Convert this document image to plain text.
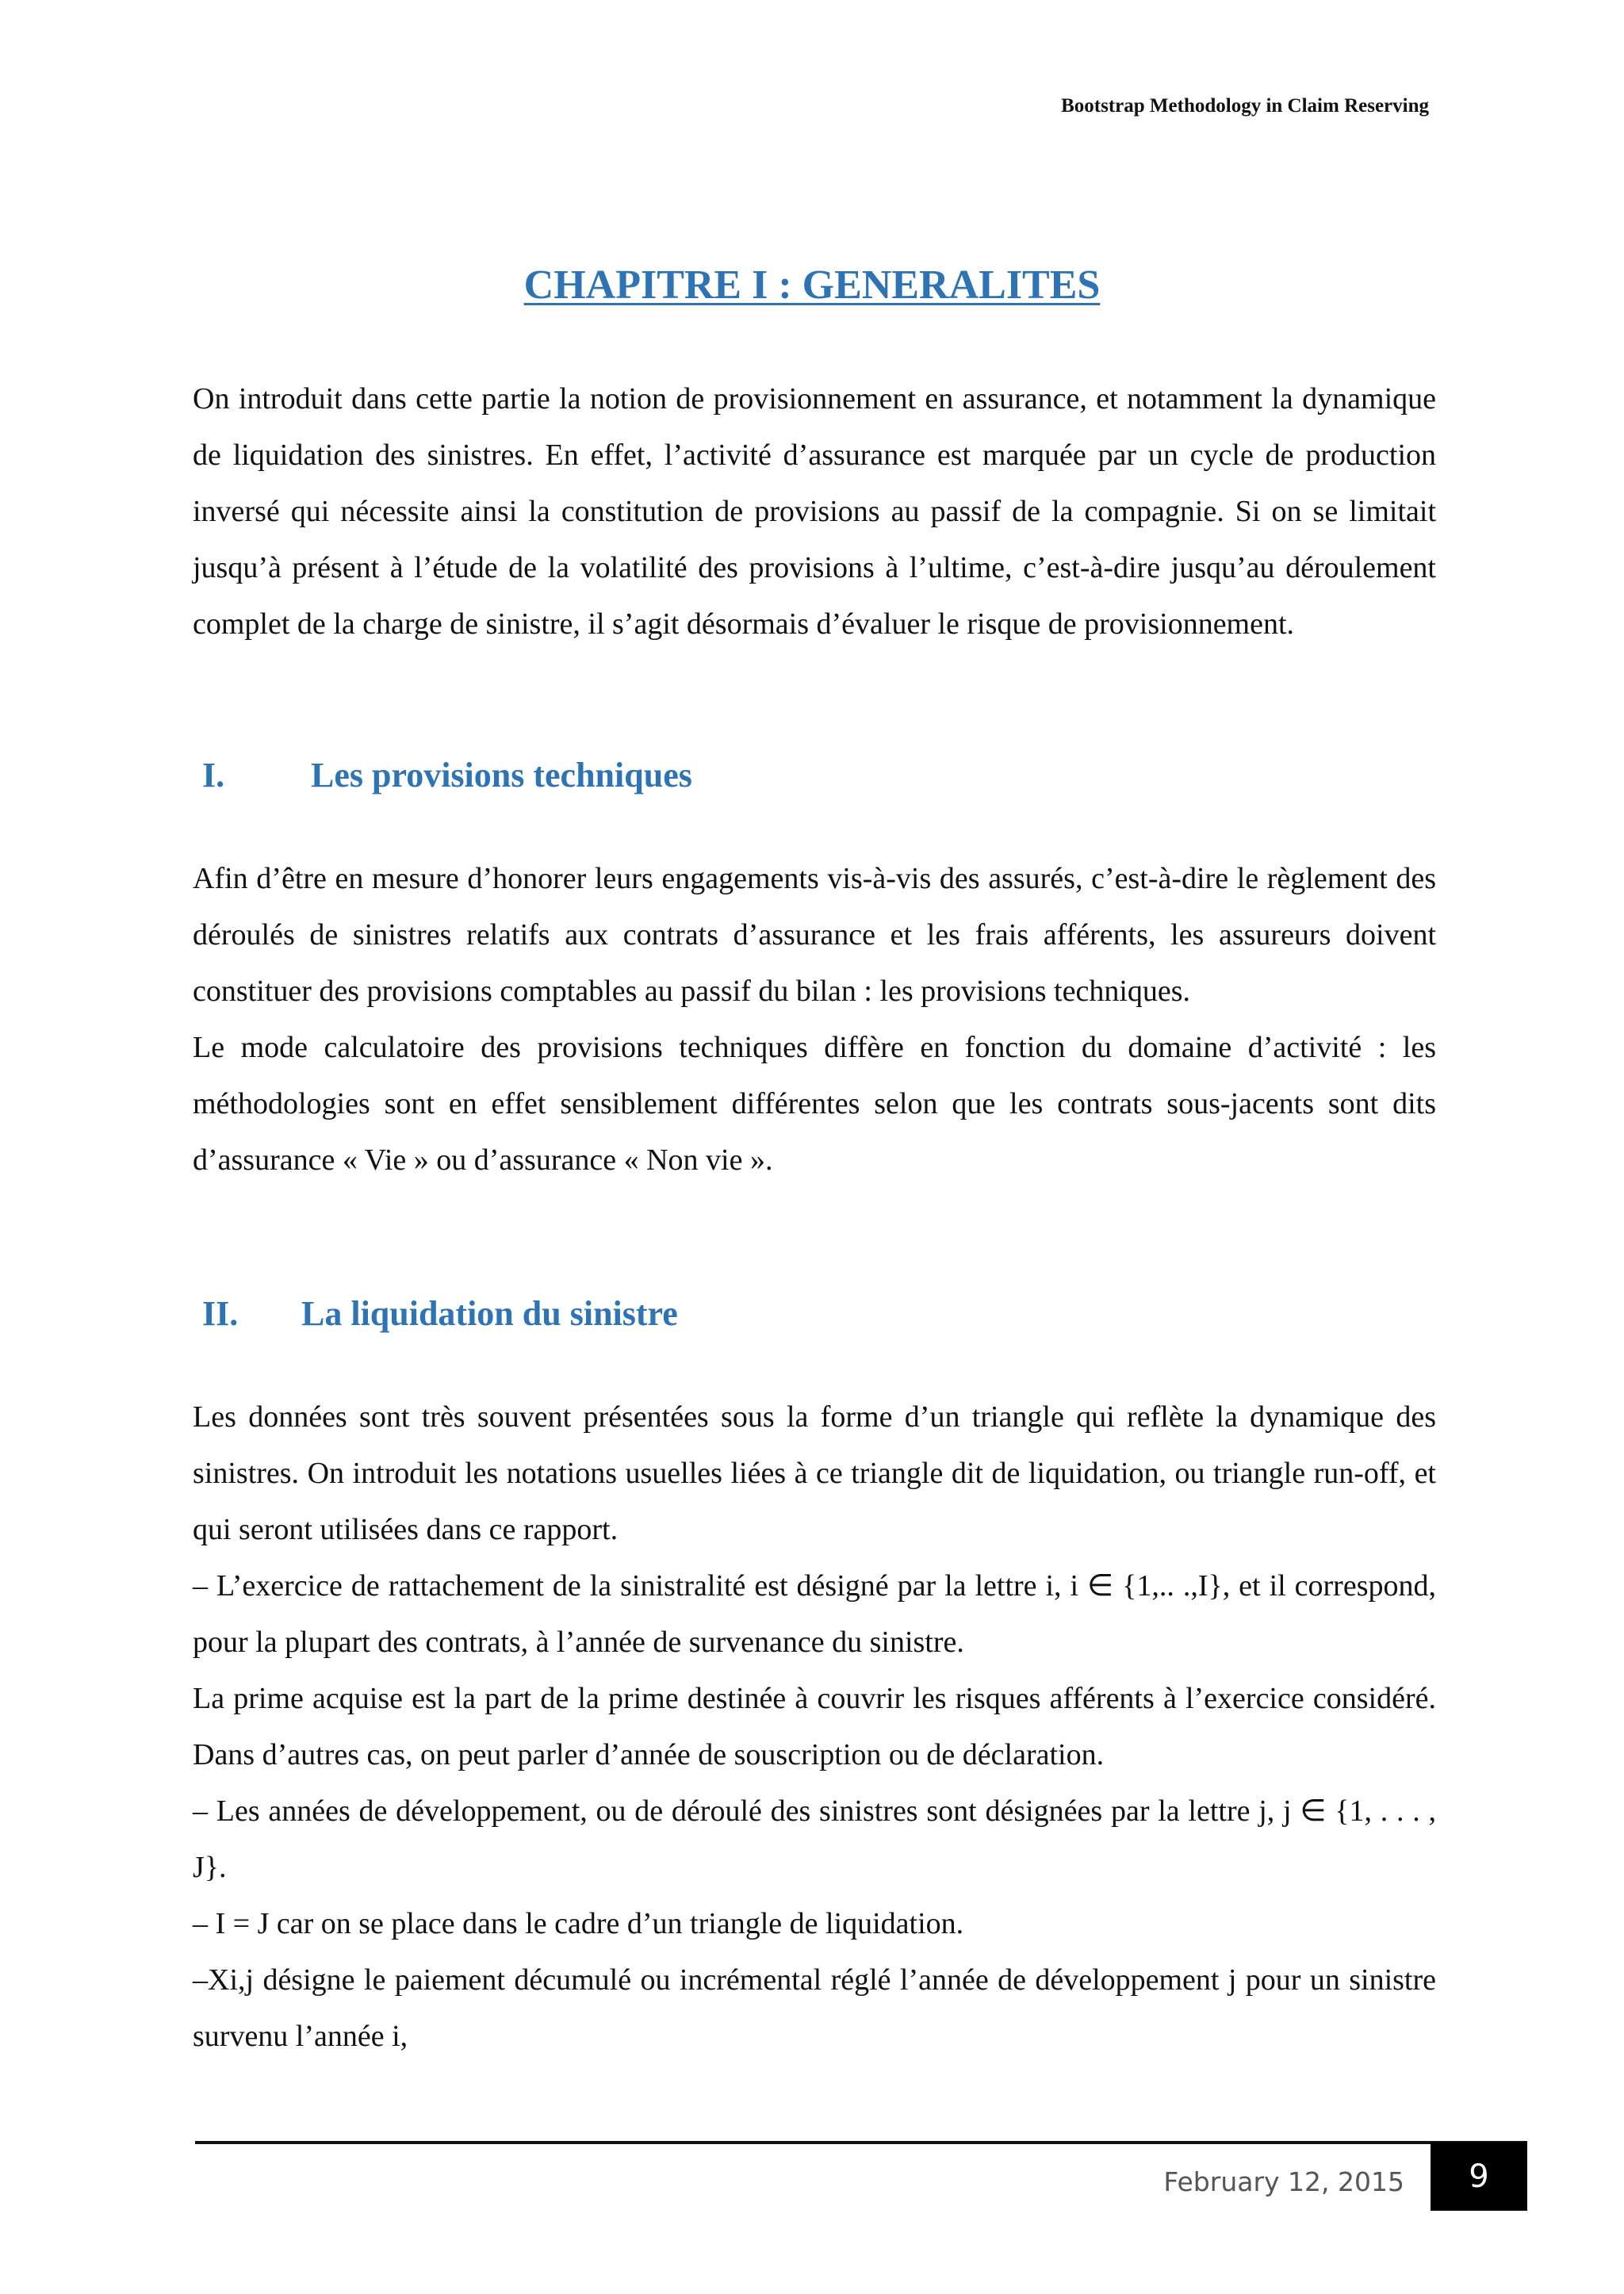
Bootstrap Methodology in Claim Reserving
CHAPITRE I : GENERALITES

On introduit dans cette partie la notion de provisionnement en assurance, et notamment la dynamique de liquidation des sinistres. En effet, l’activité d’assurance est marquée par un cycle de production inversé qui nécessite ainsi la constitution de provisions au passif de la compagnie. Si on se limitait jusqu’à présent à l’étude de la volatilité des provisions à l’ultime, c’est-à-dire jusqu’au déroulement complet de la charge de sinistre, il s’agit désormais d’évaluer le risque de provisionnement.

I. Les provisions techniques

Afin d’être en mesure d’honorer leurs engagements vis-à-vis des assurés, c’est-à-dire le règlement des déroulés de sinistres relatifs aux contrats d’assurance et les frais afférents, les assureurs doivent constituer des provisions comptables au passif du bilan : les provisions techniques.

Le mode calculatoire des provisions techniques diffère en fonction du domaine d’activité : les méthodologies sont en effet sensiblement différentes selon que les contrats sous-jacents sont dits d’assurance « Vie » ou d’assurance « Non vie ».

II. La liquidation du sinistre

Les données sont très souvent présentées sous la forme d’un triangle qui reflète la dynamique des sinistres. On introduit les notations usuelles liées à ce triangle dit de liquidation, ou triangle run-off, et qui seront utilisées dans ce rapport.

– L’exercice de rattachement de la sinistralité est désigné par la lettre i, i ∈ {1,.. .,I}, et il correspond, pour la plupart des contrats, à l’année de survenance du sinistre.

La prime acquise est la part de la prime destinée à couvrir les risques afférents à l’exercice considéré. Dans d’autres cas, on peut parler d’année de souscription ou de déclaration.

– Les années de développement, ou de déroulé des sinistres sont désignées par la lettre j, j ∈ {1, . . . , J}.

– I = J car on se place dans le cadre d’un triangle de liquidation.

–Xi,j désigne le paiement décumulé ou incrémental réglé l’année de développement j pour un sinistre survenu l’année i,

February 12, 2015	9
